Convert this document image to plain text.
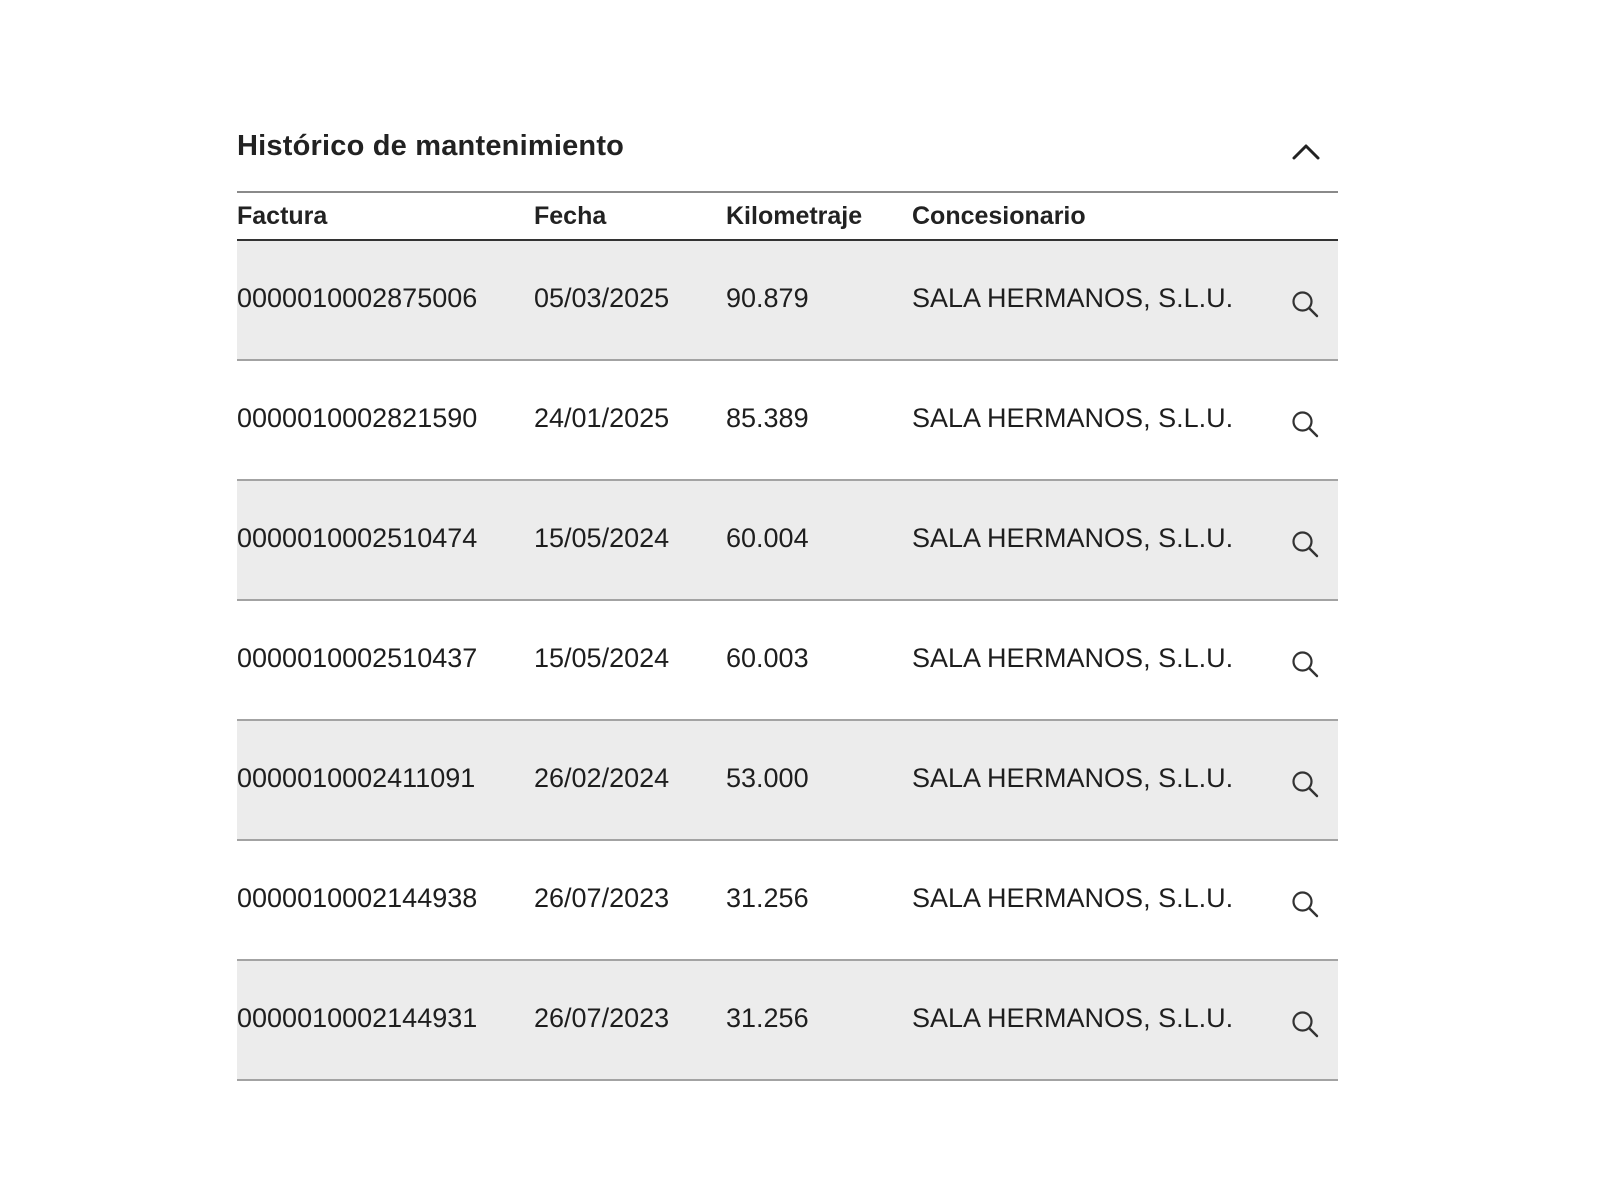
Histórico de mantenimiento
Factura	Fecha	Kilometraje	Concesionario
0000010002875006	05/03/2025	90.879	SALA HERMANOS, S.L.U.
0000010002821590	24/01/2025	85.389	SALA HERMANOS, S.L.U.
0000010002510474	15/05/2024	60.004	SALA HERMANOS, S.L.U.
0000010002510437	15/05/2024	60.003	SALA HERMANOS, S.L.U.
0000010002411091	26/02/2024	53.000	SALA HERMANOS, S.L.U.
0000010002144938	26/07/2023	31.256	SALA HERMANOS, S.L.U.
0000010002144931	26/07/2023	31.256	SALA HERMANOS, S.L.U.
